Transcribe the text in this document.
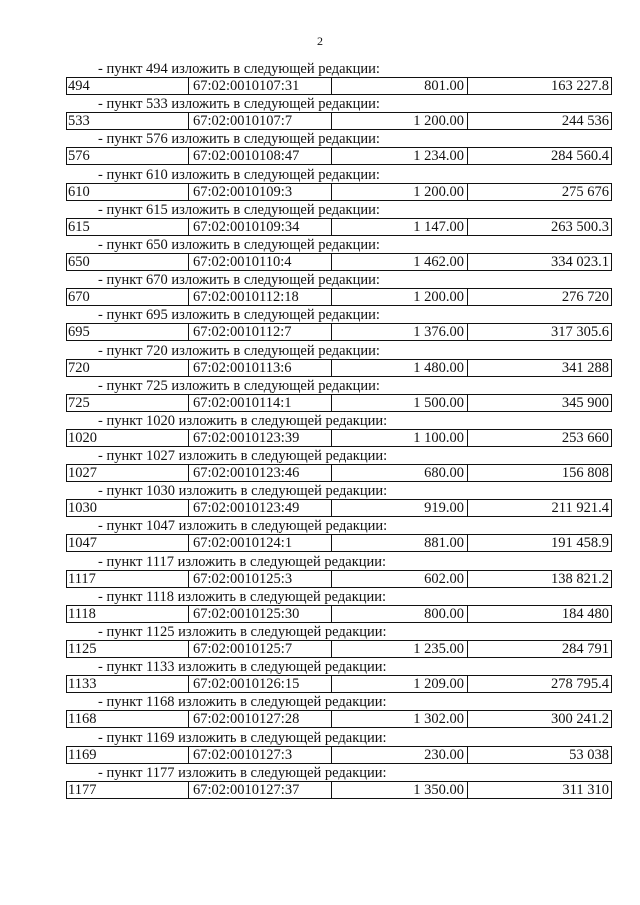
2
- пункт 494 изложить в следующей редакции:
494	67:02:0010107:31	801.00	163 227.8
- пункт 533 изложить в следующей редакции:
533	67:02:0010107:7	1 200.00	244 536
- пункт 576 изложить в следующей редакции:
576	67:02:0010108:47	1 234.00	284 560.4
- пункт 610 изложить в следующей редакции:
610	67:02:0010109:3	1 200.00	275 676
- пункт 615 изложить в следующей редакции:
615	67:02:0010109:34	1 147.00	263 500.3
- пункт 650 изложить в следующей редакции:
650	67:02:0010110:4	1 462.00	334 023.1
- пункт 670 изложить в следующей редакции:
670	67:02:0010112:18	1 200.00	276 720
- пункт 695 изложить в следующей редакции:
695	67:02:0010112:7	1 376.00	317 305.6
- пункт 720 изложить в следующей редакции:
720	67:02:0010113:6	1 480.00	341 288
- пункт 725 изложить в следующей редакции:
725	67:02:0010114:1	1 500.00	345 900
- пункт 1020 изложить в следующей редакции:
1020	67:02:0010123:39	1 100.00	253 660
- пункт 1027 изложить в следующей редакции:
1027	67:02:0010123:46	680.00	156 808
- пункт 1030 изложить в следующей редакции:
1030	67:02:0010123:49	919.00	211 921.4
- пункт 1047 изложить в следующей редакции:
1047	67:02:0010124:1	881.00	191 458.9
- пункт 1117 изложить в следующей редакции:
1117	67:02:0010125:3	602.00	138 821.2
- пункт 1118 изложить в следующей редакции:
1118	67:02:0010125:30	800.00	184 480
- пункт 1125 изложить в следующей редакции:
1125	67:02:0010125:7	1 235.00	284 791
- пункт 1133 изложить в следующей редакции:
1133	67:02:0010126:15	1 209.00	278 795.4
- пункт 1168 изложить в следующей редакции:
1168	67:02:0010127:28	1 302.00	300 241.2
- пункт 1169 изложить в следующей редакции:
1169	67:02:0010127:3	230.00	53 038
- пункт 1177 изложить в следующей редакции:
1177	67:02:0010127:37	1 350.00	311 310
